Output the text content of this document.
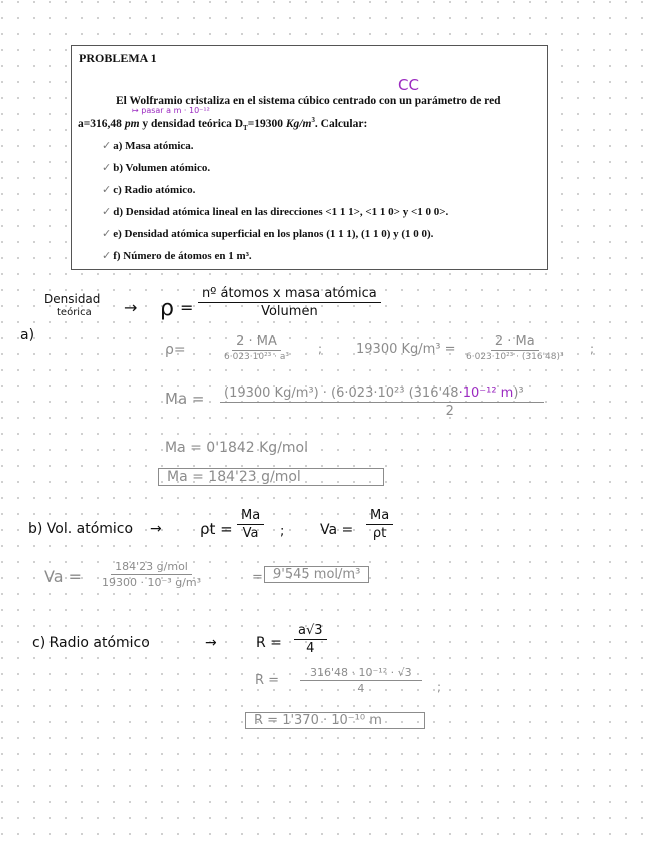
PROBLEMA 1
CC
El Wolframio cristaliza en el sistema cúbico centrado con un parámetro de red
↦ pasar a m · 10⁻¹²
a=316,48 pm y densidad teórica $D_T=19300$ $Kg/m^3$. Calcular:
✓ a) Masa atómica.
✓ b) Volumen atómico.
✓ c) Radio atómico.
✓ d) Densidad atómica lineal en las direcciones <1 1 1>, <1 1 0> y <1 0 0>.
✓ e) Densidad atómica superficial en los planos (1 1 1), (1 1 0) y (1 0 0).
✓ f) Número de átomos en 1 m³.
Densidad
teórica
a)
→ $\rho = \frac{\text{nº átomos x masa atómica}}{\text{Volumen}}$
ρ=	$\frac{2 \cdot MA}{\text{6·023·10²³ · a³}}$ ;	19300 $Kg/m^3 = \frac{2 \cdot Ma}{\text{6·023·10²³ · (316'48)³}}$ ;
$Ma = \frac{\text{(19300 Kg/m³) · (6·023·10²³ (316'48·10⁻¹² m)³}}{2}$
Ma = 0'1842 Kg/mol
Ma = 184'23 g/mol
b) Vol. atómico →	$\rho t = \frac{Ma}{Va}$ ;	$Va = \frac{Ma}{\rho t}$
$Va = \frac{\text{184'23 g/mol}}{\text{19300 · 10⁻³ g/m³}}$	= 9'545 mol/m³
c) Radio atómico	→	$R = \frac{a√3}{4}$
$R = \frac{\text{316'48 · 10⁻¹² · √3}}{4}$ ;
R = 1'370 · 10⁻¹⁰ m
